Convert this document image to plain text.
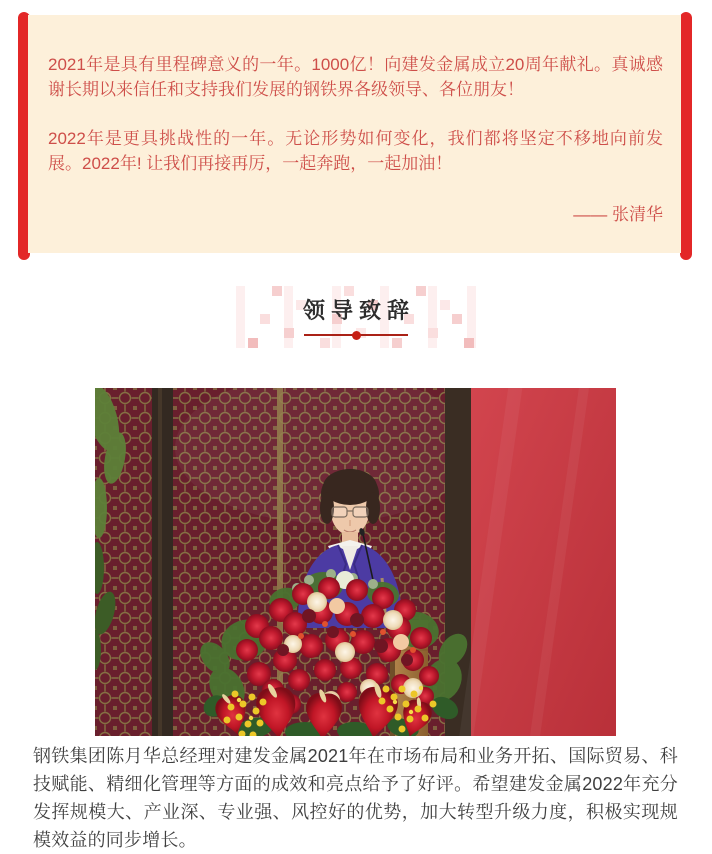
2021年是具有里程碑意义的一年。1000亿！向建发金属成立20周年献礼。真诚感谢长期以来信任和支持我们发展的钢铁界各级领导、各位朋友！

2022年是更具挑战性的一年。无论形势如何变化，我们都将坚定不移地向前发展。2022年! 让我们再接再厉，一起奔跑，一起加油！

—— 张清华

领导致辞

钢铁集团陈月华总经理对建发金属2021年在市场布局和业务开拓、国际贸易、科技赋能、精细化管理等方面的成效和亮点给予了好评。希望建发金属2022年充分发挥规模大、产业深、专业强、风控好的优势，加大转型升级力度，积极实现规模效益的同步增长。
